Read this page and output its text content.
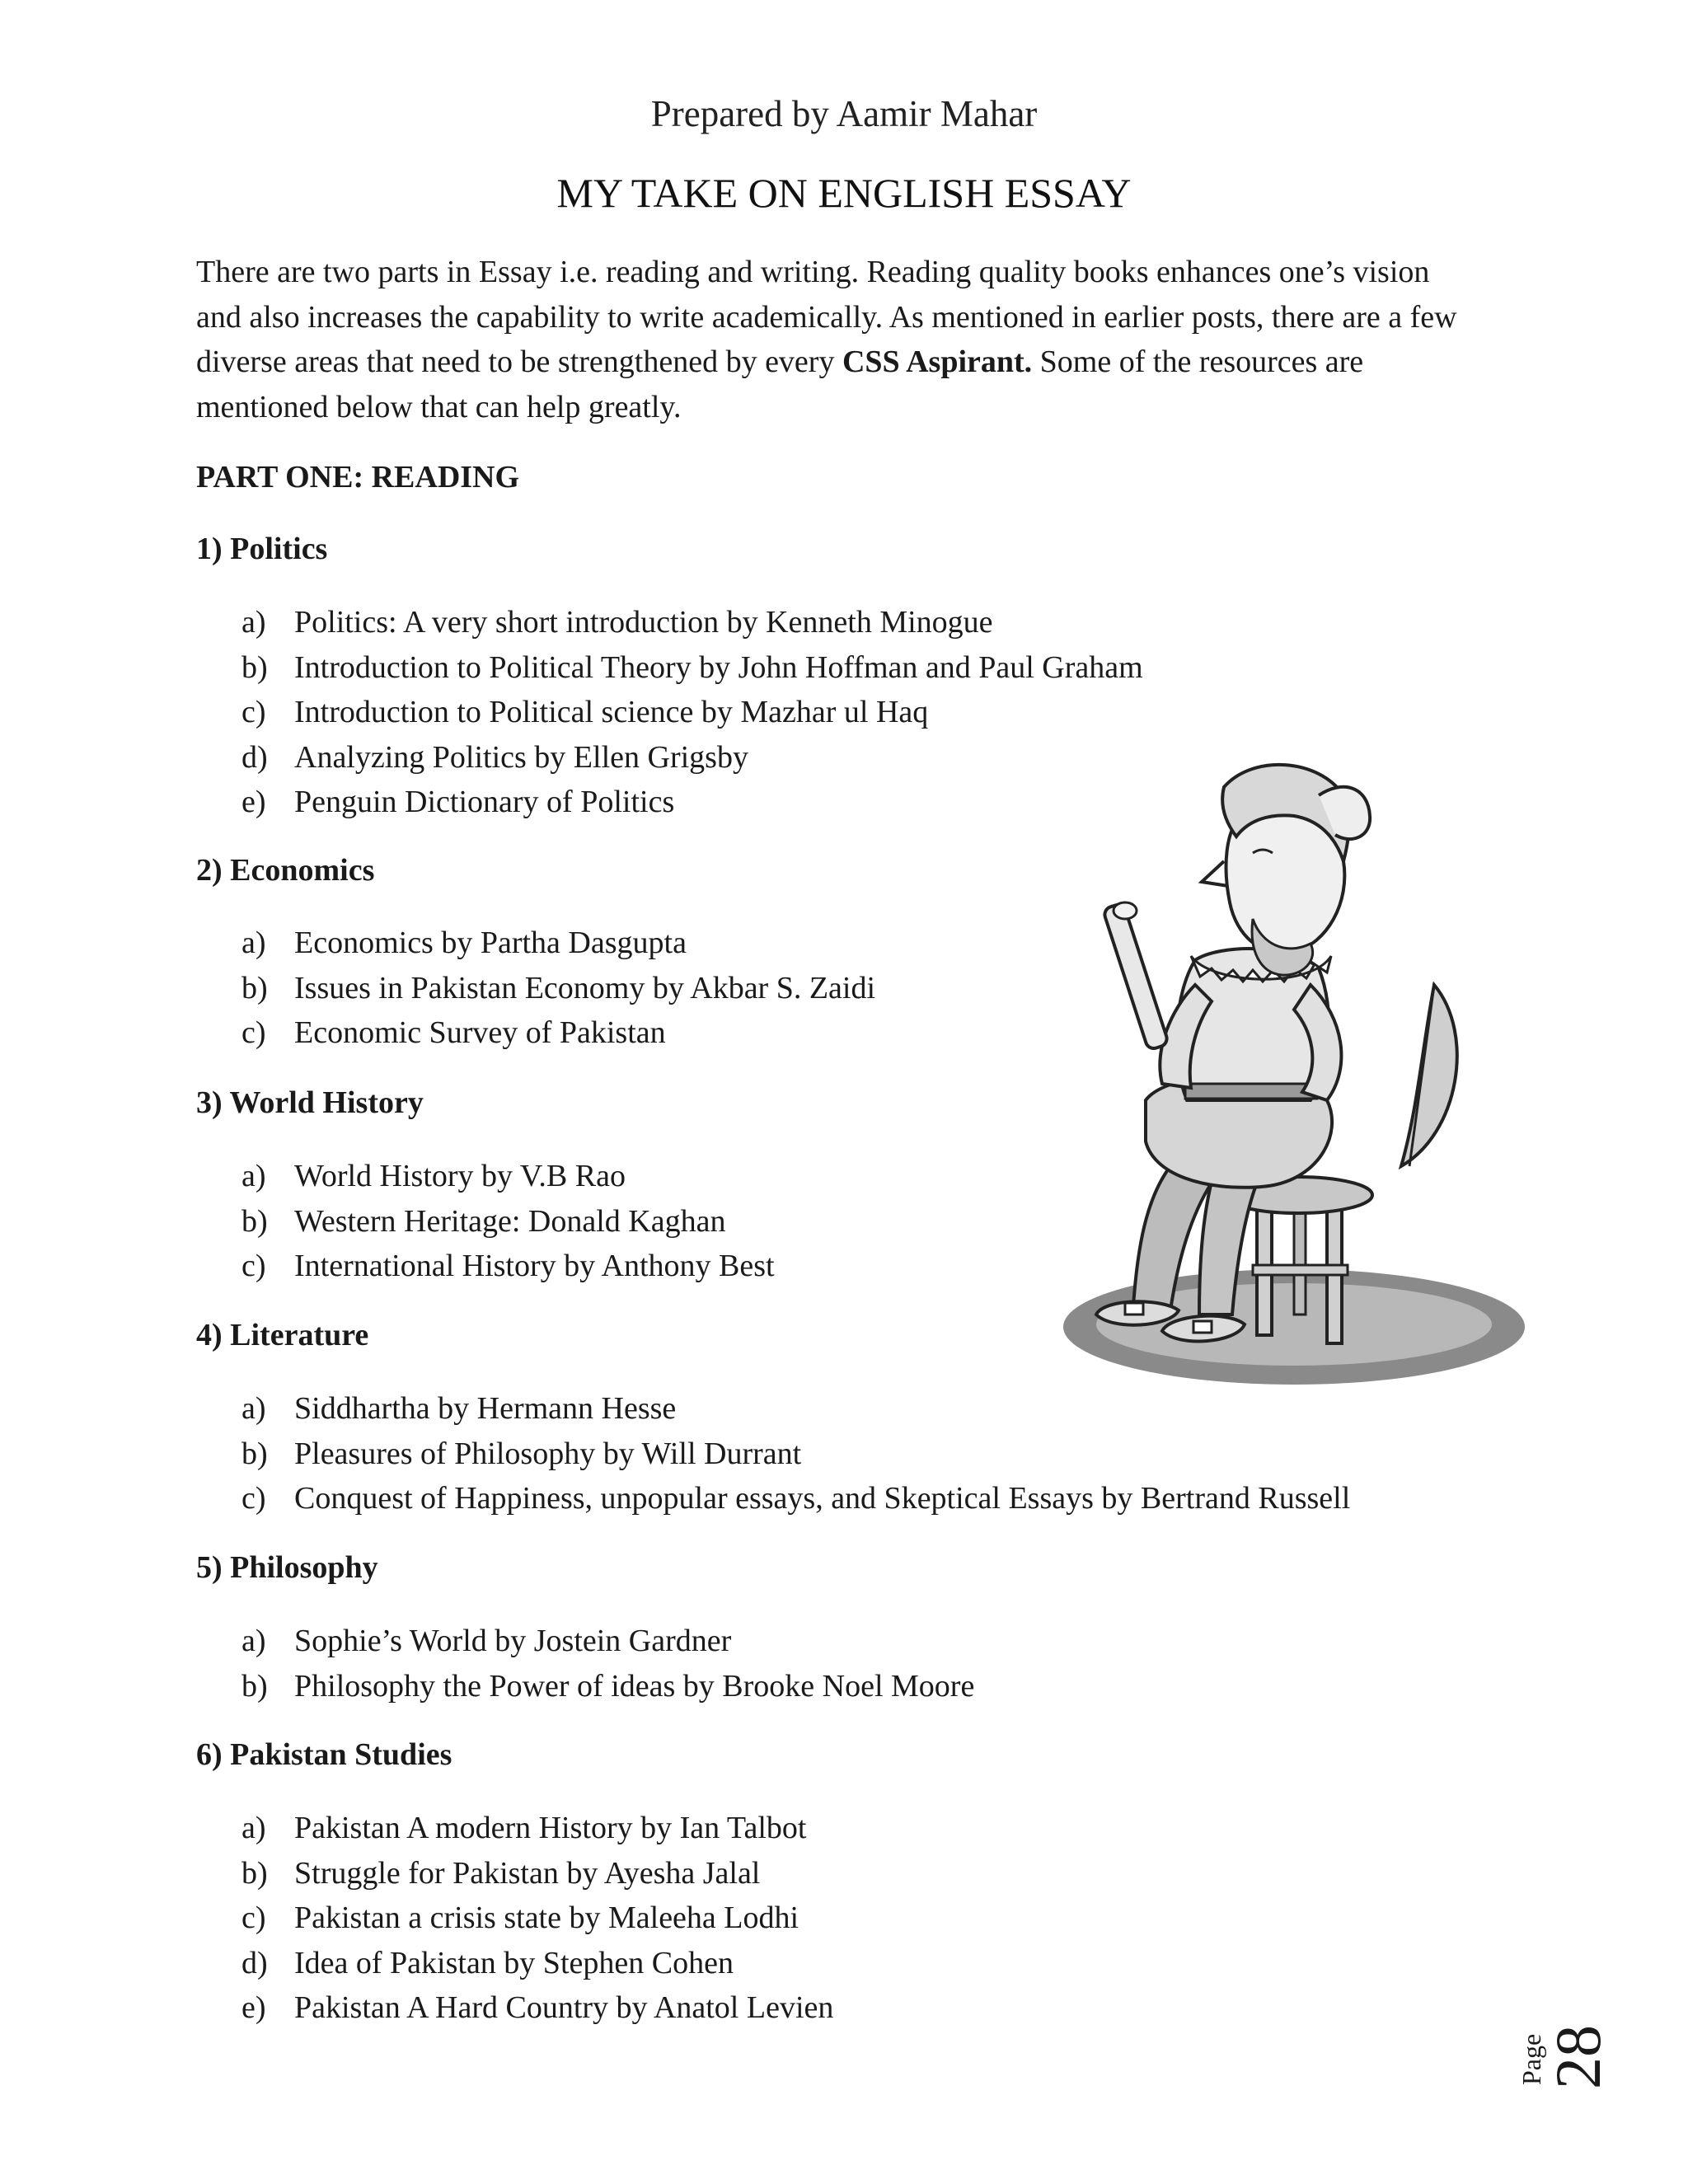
Prepared by Aamir Mahar
MY TAKE ON ENGLISH ESSAY

There are two parts in Essay i.e. reading and writing. Reading quality books enhances one’s vision and also increases the capability to write academically. As mentioned in earlier posts, there are a few diverse areas that need to be strengthened by every CSS Aspirant. Some of the resources are mentioned below that can help greatly.

PART ONE: READING

1) Politics

a) Politics: A very short introduction by Kenneth Minogue
b) Introduction to Political Theory by John Hoffman and Paul Graham
c) Introduction to Political science by Mazhar ul Haq
d) Analyzing Politics by Ellen Grigsby
e) Penguin Dictionary of Politics

2) Economics

a) Economics by Partha Dasgupta
b) Issues in Pakistan Economy by Akbar S. Zaidi
c) Economic Survey of Pakistan

3) World History

a) World History by V.B Rao
b) Western Heritage: Donald Kaghan
c) International History by Anthony Best

4) Literature

a) Siddhartha by Hermann Hesse
b) Pleasures of Philosophy by Will Durrant
c) Conquest of Happiness, unpopular essays, and Skeptical Essays by Bertrand Russell

5) Philosophy

a) Sophie’s World by Jostein Gardner
b) Philosophy the Power of ideas by Brooke Noel Moore

6) Pakistan Studies

a) Pakistan A modern History by Ian Talbot
b) Struggle for Pakistan by Ayesha Jalal
c) Pakistan a crisis state by Maleeha Lodhi
d) Idea of Pakistan by Stephen Cohen
e) Pakistan A Hard Country by Anatol Levien
Page
28
